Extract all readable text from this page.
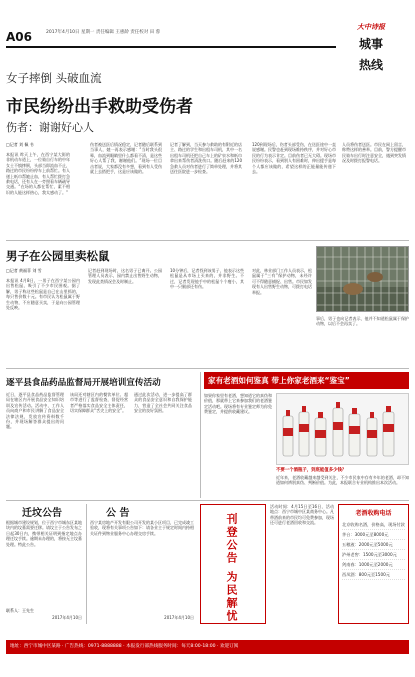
A06	2017年4月10日 星期一 责任编辑 王惠龄 责任校对 田 蓉
大中诗报
城事
热线
女子摔倒 头破血流
市民纷纷出手救助受伤者
伤者：谢谢好心人
□记者 刘 佩 书
本报讯 昨天上午，在西宁某大街的非机动车道上，一位骑自行车的中年女士不慎摔倒，头部当即流血不止，路过的市民纷纷停车上前帮忙。有人递上纸巾帮她止血，有人帮忙拨打急救电话，还有人在一旁照看车辆疏导交通。“在场的人都在帮忙，素不相识的人能这样热心，我太感动了。”
伤者被送医后情况稳定，记者随后联系到当事人，她一再表示感谢：“当时我头很晕，血流到眼睛里什么都看不清，是这些好心人帮了我，谢谢他们。”现场一位目击者说，大家都没有多想，看到有人受伤就上去搭把手，这是应该做的。
记者了解到，当天参与救助的有附近的店主、路过的学生和出租车司机，其中一名出租车司机还把自己车上的矿泉水和纸巾拿出来帮伤者清洗伤口。随后赶来的120急救人员对伤者进行了简单处理，并将其送往医院进一步检查。
120到现场后，伤者头部受伤，在送医途中一直说感谢。民警也赶到现场维持秩序，并对好心市民的行为表示肯定。目前伤者已无大碍。现场市民纷纷表示，看到别人有困难时，伸出援手是每个人都应该做的，希望这样的正能量能传递下去。
人员将伤者送医。市民在网上留言，称赞这样的善举。目前，警方提醒市民骑车出行时注意安全，遇到突发情况及时拨打报警电话。
男子在公园里卖松鼠
□记者 黄福菲 刘 雪
本报讯 4月8日，一男子在西宁某公园内出售松鼠，吸引了不少市民围观。据了解，男子称这些松鼠是自己在山里抓的，每只售价数十元。有市民认为松鼠属于野生动物，不应随意买卖，于是向公园管理处反映。
记者赶到现场时，这名男子已离开。公园管理人员表示，园内禁止出售野生动物，发现此类情况会及时制止。
10分钟后，记者找到该男子，他表示这些松鼠是从市场上买来的，并非野生。不过，记者发现他手中的松鼠个个瘦小，其中一只腿部还有伤。
对此，林业部门工作人员表示，松鼠属于“三有”保护动物，未经许可不得随意捕捉、出售。市民如发现有人出售野生动物，可拨打电话举报。
事后，男子也向记者表示，他并不知道松鼠属于保护动物，以后不会再卖了。
逐平县食品药品监督局开展培训宣传活动
近日，逐平县食品药品监督管理局在辖区内开展食品安全知识培训及宣传活动。活动中，工作人员向商户和市民讲解了食品安全法律法规，发放宣传资料数千份，并现场解答群众提出的问题。
该局还对辖区内的餐饮单位、超市等进行了监督检查，督促经营者严格落实食品安全主体责任，切实保障群众“舌尖上的安全”。
通过此次活动，进一步提高了群众的食品安全意识和自我保护能力，营造了全社会共同关注食品安全的良好氛围。
家有老酒如何鉴真 带上你家老酒来“鉴宝”
如果你家里有老酒，想知道它的真伪和价值，那就带上它来参加我们的老酒鉴定活动吧。现场将有专业鉴定师为你免费鉴定，并提供收藏建议。
不要一个酒瓶子，到底能值多少钱？
近年来，老酒收藏越来越受到关注，不少市民家中存有多年的老酒，却不知道如何辨别真伪、判断价值。为此，本报联合专业机构推出本次活动。
迁坟公告
根据城市建设规划，位于西宁市城东区某地块内的坟墓需要迁移。请坟主于公告发布之日起30日内，携带相关证明到指定地点办理迁坟手续。逾期未办理的，将按无主坟墓处理。特此公告。
联系人：王先生
2017年4月10日
公 告
西宁某房地产开发有限公司开发的某小区项目，已完成竣工验收，现将有关事项公告如下：请各业主于规定时间内持相关证件到物业服务中心办理交房手续。
2017年4月10日	刊登公告 为民解忧
活动时间：4月15日至16日，活动地点：西宁市城中区某商务中心。凡带酒前来的市民均可免费参加，现场还可进行老酒回收和交流。
老酒收购电话
北京收购名酒，价格高，现场付款
茅台：3000元至8000元
五粮液：2000元至5000元
泸州老窖：1500元至3000元
剑南春：1000元至2000元
西凤酒：800元至1500元
地址：西宁市城中区某路 · 广告热线：0971-8888888 · 本报发行部热线服务时间：每天8:00-18:00 · 欢迎订阅
